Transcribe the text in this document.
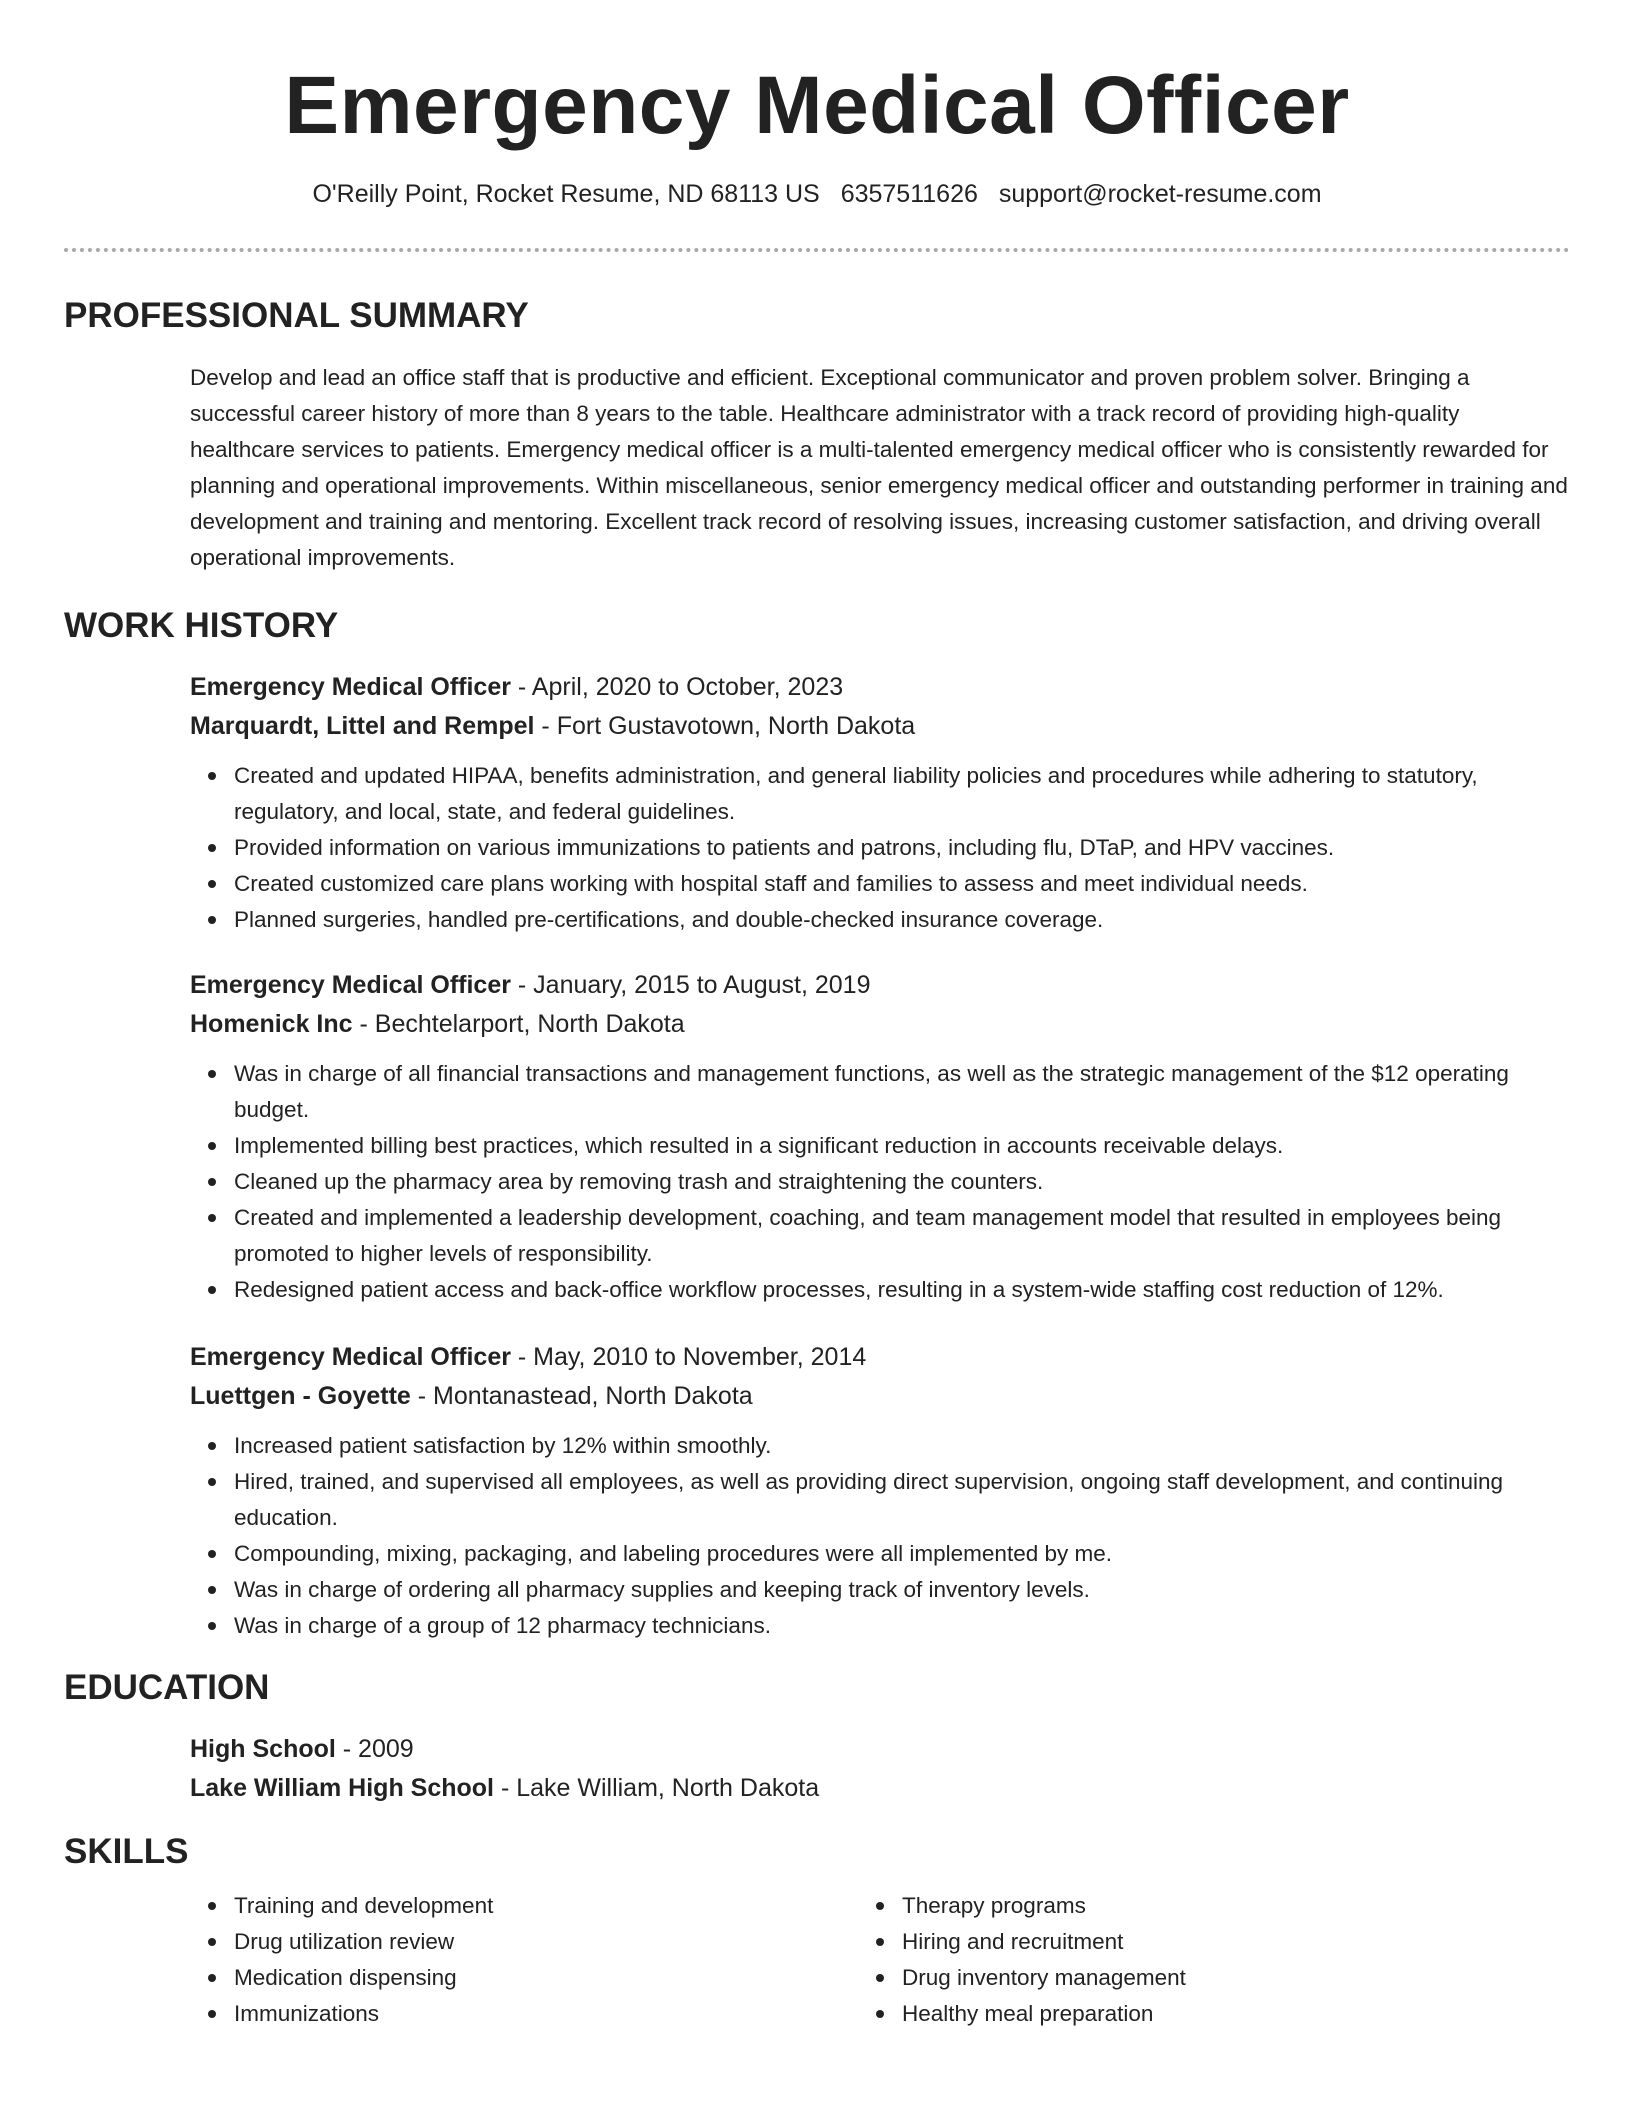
Emergency Medical Officer
O'Reilly Point, Rocket Resume, ND 68113 US 6357511626 support@rocket-resume.com
PROFESSIONAL SUMMARY

Develop and lead an office staff that is productive and efficient. Exceptional communicator and proven problem solver. Bringing a successful career history of more than 8 years to the table. Healthcare administrator with a track record of providing high-quality healthcare services to patients. Emergency medical officer is a multi-talented emergency medical officer who is consistently rewarded for planning and operational improvements. Within miscellaneous, senior emergency medical officer and outstanding performer in training and development and training and mentoring. Excellent track record of resolving issues, increasing customer satisfaction, and driving overall operational improvements.

WORK HISTORY
Emergency Medical Officer - April, 2020 to October, 2023
Marquardt, Littel and Rempel - Fort Gustavotown, North Dakota
Created and updated HIPAA, benefits administration, and general liability policies and procedures while adhering to statutory, regulatory, and local, state, and federal guidelines.
Provided information on various immunizations to patients and patrons, including flu, DTaP, and HPV vaccines.
Created customized care plans working with hospital staff and families to assess and meet individual needs.
Planned surgeries, handled pre-certifications, and double-checked insurance coverage.
Emergency Medical Officer - January, 2015 to August, 2019
Homenick Inc - Bechtelarport, North Dakota
Was in charge of all financial transactions and management functions, as well as the strategic management of the $12 operating budget.
Implemented billing best practices, which resulted in a significant reduction in accounts receivable delays.
Cleaned up the pharmacy area by removing trash and straightening the counters.
Created and implemented a leadership development, coaching, and team management model that resulted in employees being promoted to higher levels of responsibility.
Redesigned patient access and back-office workflow processes, resulting in a system-wide staffing cost reduction of 12%.
Emergency Medical Officer - May, 2010 to November, 2014
Luettgen - Goyette - Montanastead, North Dakota
Increased patient satisfaction by 12% within smoothly.
Hired, trained, and supervised all employees, as well as providing direct supervision, ongoing staff development, and continuing education.
Compounding, mixing, packaging, and labeling procedures were all implemented by me.
Was in charge of ordering all pharmacy supplies and keeping track of inventory levels.
Was in charge of a group of 12 pharmacy technicians.
EDUCATION
High School - 2009
Lake William High School - Lake William, North Dakota
SKILLS
Training and development
Drug utilization review
Medication dispensing
Immunizations
Therapy programs
Hiring and recruitment
Drug inventory management
Healthy meal preparation
